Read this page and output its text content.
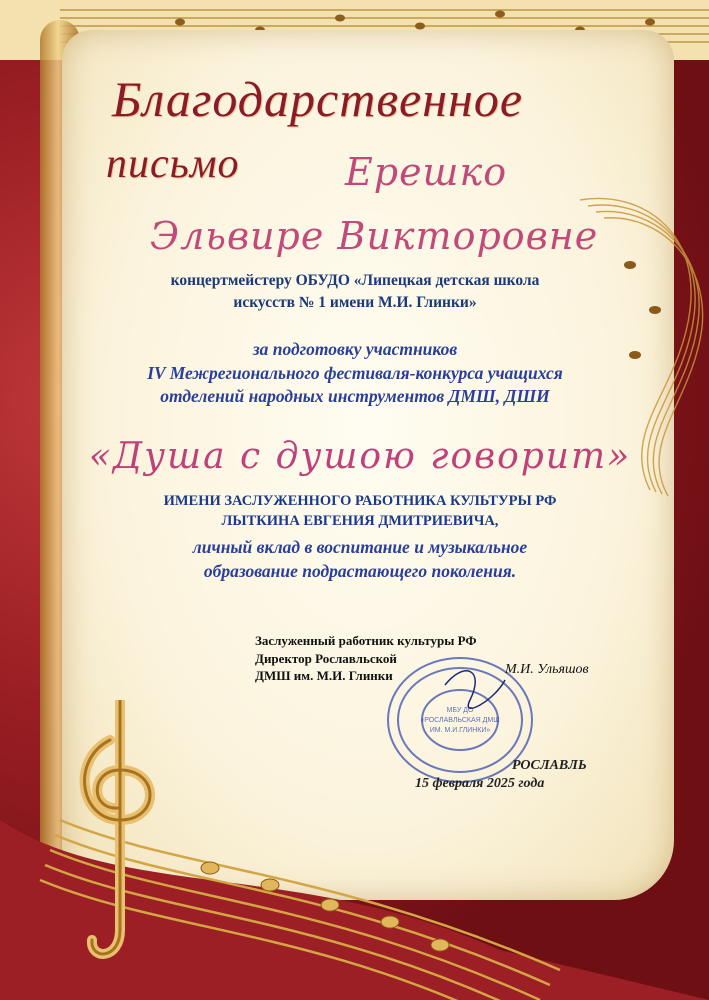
Благодарственное
письмо	Ерешко
Эльвире Викторовне
концертмейстеру ОБУДО «Липецкая детская школа
искусств № 1 имени М.И. Глинки»
за подготовку участников
IV Межрегионального фестиваля-конкурса учащихся
отделений народных инструментов ДМШ, ДШИ
«Душа с душою говорит»
ИМЕНИ ЗАСЛУЖЕННОГО РАБОТНИКА КУЛЬТУРЫ РФ
ЛЫТКИНА ЕВГЕНИЯ ДМИТРИЕВИЧА,
личный вклад в воспитание и музыкальное
образование подрастающего поколения.
МБУ ДО
«РОСЛАВЛЬСКАЯ ДМШ
ИМ. М.И.ГЛИНКИ»
Заслуженный работник культуры РФ
Директор Рославльской
ДМШ им. М.И. Глинки	М.И. Ульяшов
РОСЛАВЛЬ
15 февраля 2025 года
